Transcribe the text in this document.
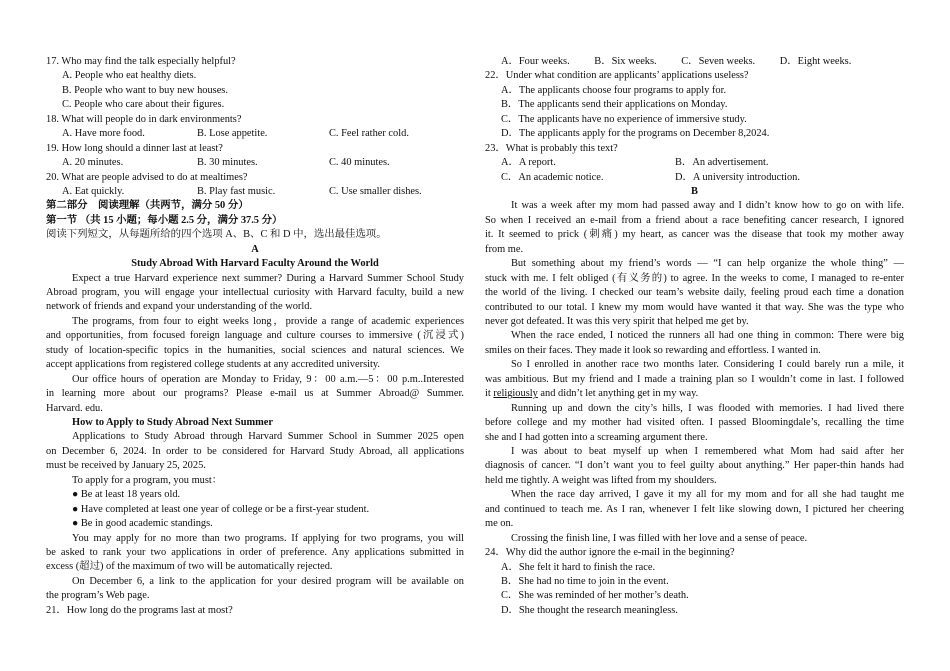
17. Who may find the talk especially helpful?
A. People who eat healthy diets.
B. People who want to buy new houses.
C. People who care about their figures.
18. What will people do in dark environments?
A. Have more food.	B. Lose appetite.	C. Feel rather cold.
19. How long should a dinner last at least?
A. 20 minutes.	B. 30 minutes.	C. 40 minutes.
20. What are people advised to do at mealtimes?
A. Eat quickly.	B. Play fast music.	C. Use smaller dishes.
第二部分　阅读理解（共两节，满分 50 分）
第一节 （共 15 小题；每小题 2.5 分，满分 37.5 分）
阅读下列短文，从每题所给的四个选项 A、B、C 和 D 中，选出最佳选项。
A
Study Abroad With Harvard Faculty Around the World
Expect a true Harvard experience next summer? During a Harvard Summer School Study
Abroad program, you will engage your intellectual curiosity with Harvard faculty, build a new
network of friends and expand your understanding of the world.
The programs, from four to eight weeks long，provide a range of academic experiences
and opportunities, from focused foreign language and culture courses to immersive (沉浸式)
study of location-specific topics in the humanities, social sciences and natural sciences. We
accept applications from registered college students at any accredited university.
Our office hours of operation are Monday to Friday, 9：00 a.m.—5：00 p.m..Interested
in learning more about our programs? Please e-mail us at Summer Abroad@ Summer.
Harvard. edu.
How to Apply to Study Abroad Next Summer
Applications to Study Abroad through Harvard Summer School in Summer 2025 open
on December 6, 2024. In order to be considered for Harvard Study Abroad, all applications
must be received by January 25, 2025.
To apply for a program, you must：
● Be at least 18 years old.
● Have completed at least one year of college or be a first-year student.
● Be in good academic standings.
You may apply for no more than two programs. If applying for two programs, you will
be asked to rank your two applications in order of preference. Any applications submitted in
excess (超过) of the maximum of two will be automatically rejected.
On December 6, a link to the application for your desired program will be available on
the program’s Web page.
21．How long do the programs last at most?
A．Four weeks. B．Six weeks. C．Seven weeks. D．Eight weeks.
22．Under what condition are applicants’ applications useless?
A．The applicants choose four programs to apply for.
B．The applicants send their applications on Monday.
C．The applicants have no experience of immersive study.
D．The applicants apply for the programs on December 8,2024.
23．What is probably this text?
A．A report.	B．An advertisement.
C．An academic notice.	D．A university introduction.
B
It was a week after my mom had passed away and I didn’t know how to go on with life.
So when I received an e-mail from a friend about a race benefiting cancer research, I ignored
it. It seemed to prick (刺痛) my heart, as cancer was the disease that took my mother away
from me.
But something about my friend’s words — “I can help organize the whole thing” —
stuck with me. I felt obliged (有义务的) to agree. In the weeks to come, I managed to re-enter
the world of the living. I checked our team’s website daily, feeling proud each time a donation
contributed to our total. I knew my mom would have wanted it that way. She was the type who
never got defeated. It was this very spirit that helped me get by.
When the race ended, I noticed the runners all had one thing in common: There were big
smiles on their faces. They made it look so rewarding and effortless. I wanted in.
So I enrolled in another race two months later. Considering I could barely run a mile, it
was ambitious. But my friend and I made a training plan so I wouldn’t come in last. I followed
it religiously and didn’t let anything get in my way.
Running up and down the city’s hills, I was flooded with memories. I had lived there
before college and my mother had visited often. I passed Bloomingdale’s, recalling the time
she and I had gotten into a screaming argument there.
I was about to beat myself up when I remembered what Mom had said after her
diagnosis of cancer. “I don’t want you to feel guilty about anything.” Her paper-thin hands had
held me tightly. A weight was lifted from my shoulders.
When the race day arrived, I gave it my all for my mom and for all she had taught me
and continued to teach me. As I ran, whenever I felt like slowing down, I pictured her cheering
me on.
Crossing the finish line, I was filled with her love and a sense of peace.
24．Why did the author ignore the e-mail in the beginning?
A．She felt it hard to finish the race.
B．She had no time to join in the event.
C．She was reminded of her mother’s death.
D．She thought the research meaningless.
